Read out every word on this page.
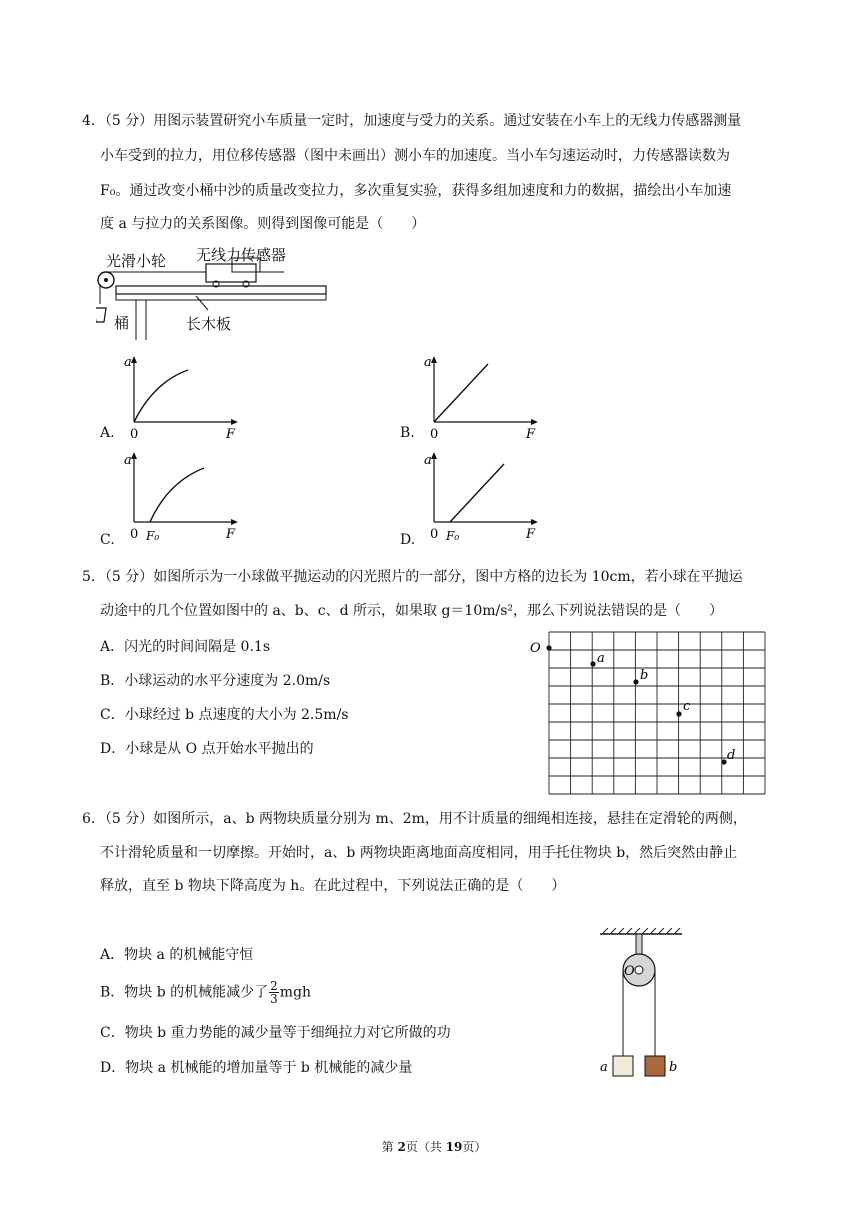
4．（5 分）用图示装置研究小车质量一定时，加速度与受力的关系。通过安装在小车上的无线力传感器测量
小车受到的拉力，用位移传感器（图中未画出）测小车的加速度。当小车匀速运动时，力传感器读数为
F₀。通过改变小桶中沙的质量改变拉力，多次重复实验，获得多组加速度和力的数据，描绘出小车加速
度 a 与拉力的关系图像。则得到图像可能是（　　）
光滑小轮 无线力传感器
桶	长木板
A.
a
0	F	B.
a
0	F
C.
a
0 F₀	F	D.
a
0 F₀	F
5．（5 分）如图所示为一小球做平抛运动的闪光照片的一部分，图中方格的边长为 10cm，若小球在平抛运
动途中的几个位置如图中的 a、b、c、d 所示，如果取 g＝10m/s²，那么下列说法错误的是（　　）
A．闪光的时间间隔是 0.1s
B．小球运动的水平分速度为 2.0m/s
C．小球经过 b 点速度的大小为 2.5m/s
D．小球是从 O 点开始水平抛出的
O
a
b
c
d
6．（5 分）如图所示，a、b 两物块质量分别为 m、2m，用不计质量的细绳相连接，悬挂在定滑轮的两侧，
不计滑轮质量和一切摩擦。开始时，a、b 两物块距离地面高度相同，用手托住物块 b，然后突然由静止
释放，直至 b 物块下降高度为 h。在此过程中，下列说法正确的是（　　）
A．物块 a 的机械能守恒
B．物块 b 的机械能减少了 $\frac{2}{3}$ mgh
C．物块 b 重力势能的减少量等于细绳拉力对它所做的功
D．物块 a 机械能的增加量等于 b 机械能的减少量
O
a	b
第 2页（共 19页）
